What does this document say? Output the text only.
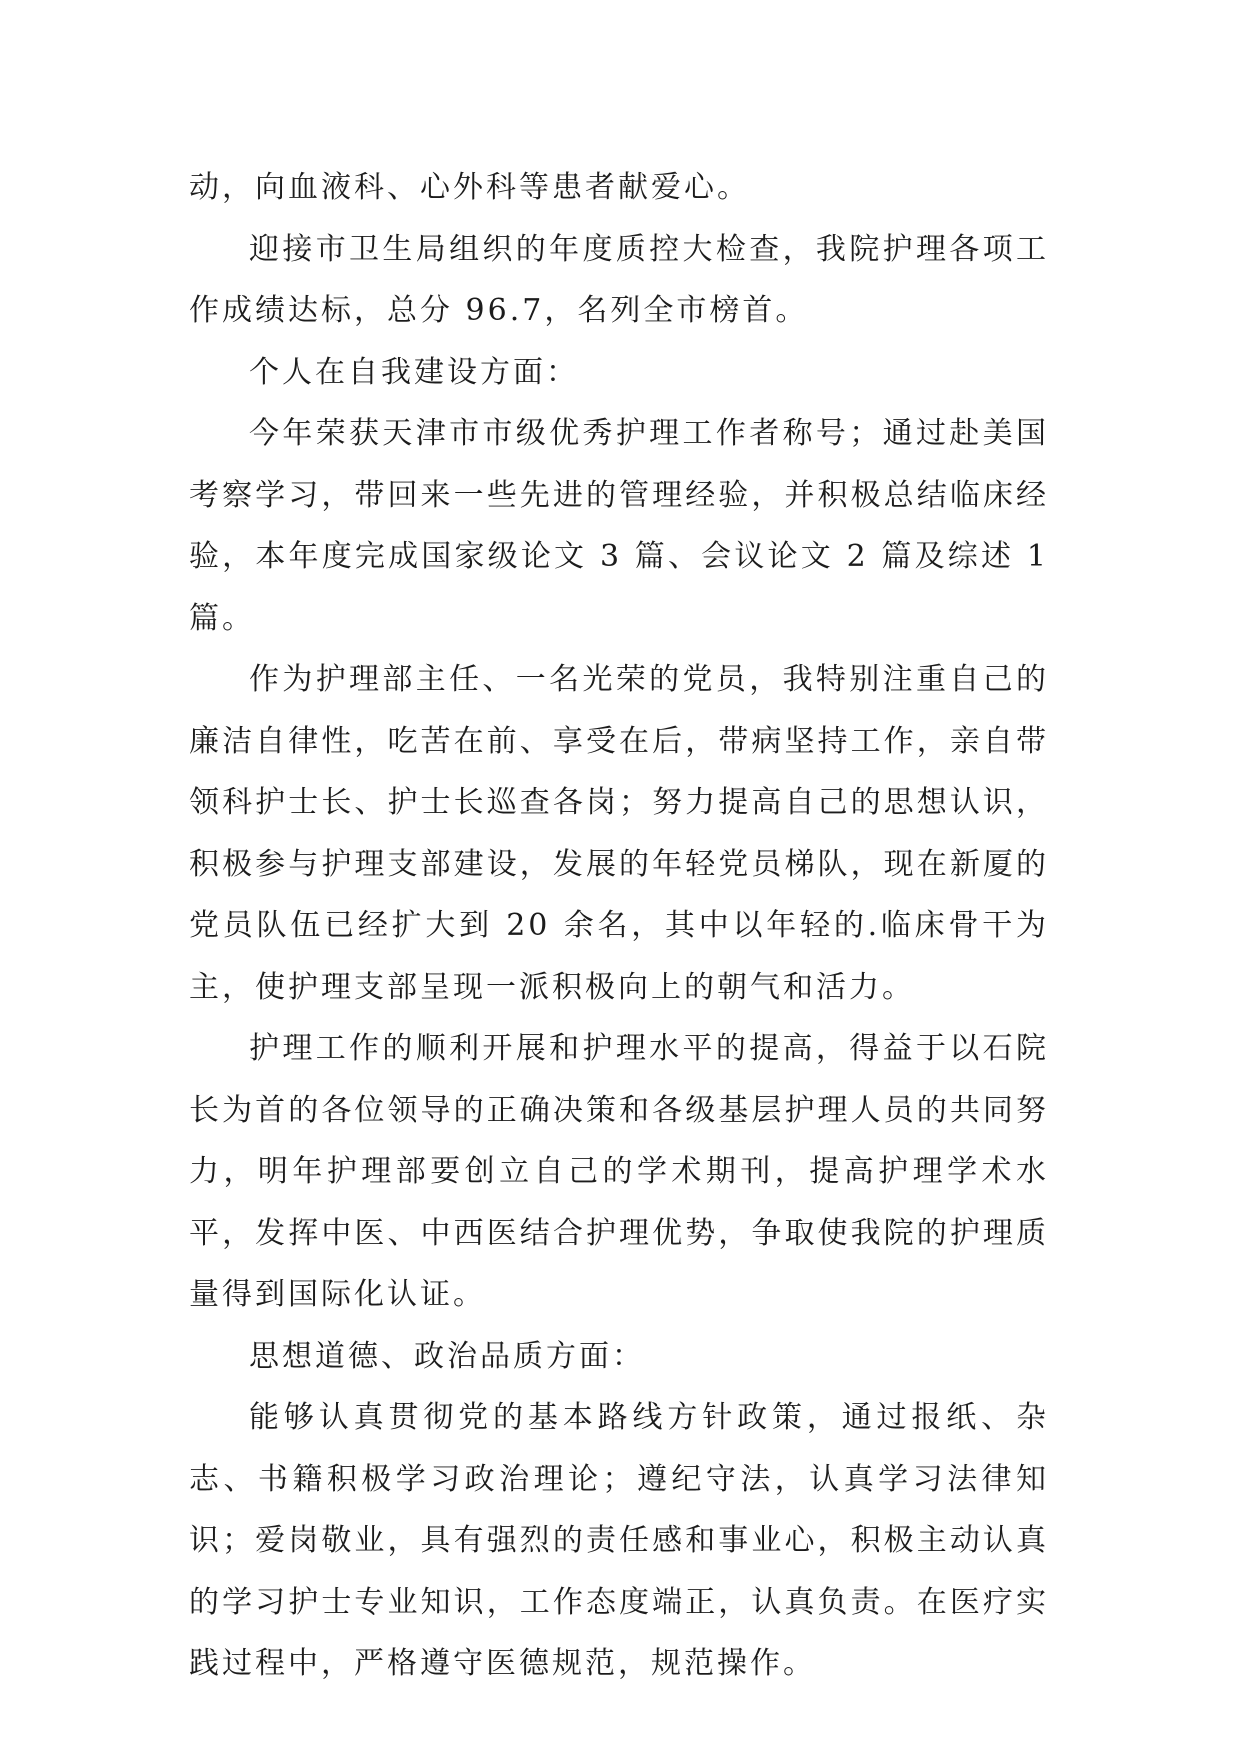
动，向血液科、心外科等患者献爱心。

迎接市卫生局组织的年度质控大检查，我院护理各项工作成绩达标，总分 96.7，名列全市榜首。

个人在自我建设方面：

今年荣获天津市市级优秀护理工作者称号；通过赴美国考察学习，带回来一些先进的管理经验，并积极总结临床经验，本年度完成国家级论文 3 篇、会议论文 2 篇及综述 1 篇。

作为护理部主任、一名光荣的党员，我特别注重自己的廉洁自律性，吃苦在前、享受在后，带病坚持工作，亲自带领科护士长、护士长巡查各岗；努力提高自己的思想认识，积极参与护理支部建设，发展的年轻党员梯队，现在新厦的党员队伍已经扩大到 20 余名，其中以年轻的.临床骨干为主，使护理支部呈现一派积极向上的朝气和活力。

护理工作的顺利开展和护理水平的提高，得益于以石院长为首的各位领导的正确决策和各级基层护理人员的共同努力，明年护理部要创立自己的学术期刊，提高护理学术水平，发挥中医、中西医结合护理优势，争取使我院的护理质量得到国际化认证。

思想道德、政治品质方面：

能够认真贯彻党的基本路线方针政策，通过报纸、杂志、书籍积极学习政治理论；遵纪守法，认真学习法律知识；爱岗敬业，具有强烈的责任感和事业心，积极主动认真的学习护士专业知识，工作态度端正，认真负责。在医疗实践过程中，严格遵守医德规范，规范操作。
